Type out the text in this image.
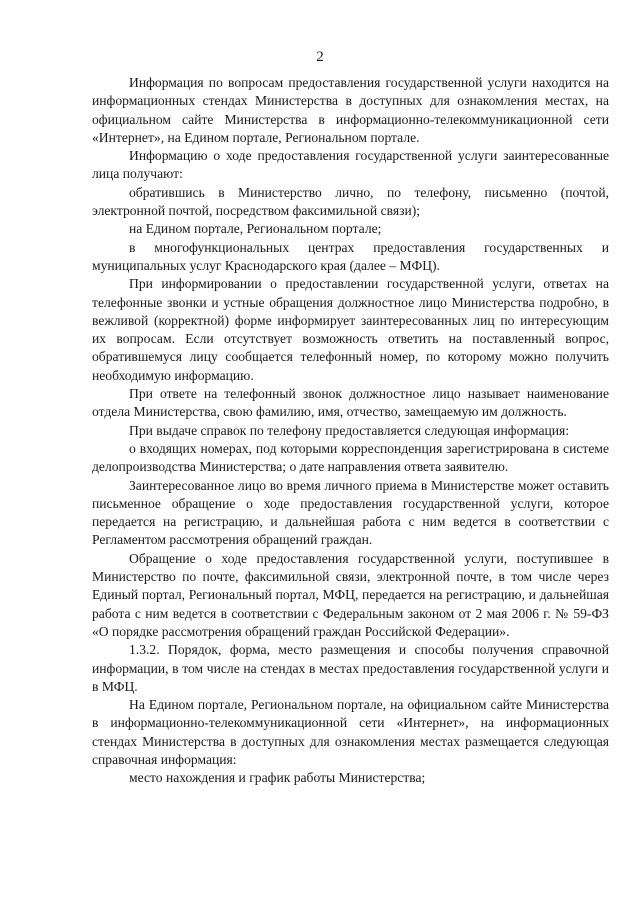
2

Информация по вопросам предоставления государственной услуги находится на информационных стендах Министерства в доступных для ознакомления местах, на официальном сайте Министерства в информационно-телекоммуникационной сети «Интернет», на Едином портале, Региональном портале.

Информацию о ходе предоставления государственной услуги заинтересованные лица получают:

обратившись в Министерство лично, по телефону, письменно (почтой, электронной почтой, посредством факсимильной связи);

на Едином портале, Региональном портале;

в многофункциональных центрах предоставления государственных и муниципальных услуг Краснодарского края (далее – МФЦ).

При информировании о предоставлении государственной услуги, ответах на телефонные звонки и устные обращения должностное лицо Министерства подробно, в вежливой (корректной) форме информирует заинтересованных лиц по интересующим их вопросам. Если отсутствует возможность ответить на поставленный вопрос, обратившемуся лицу сообщается телефонный номер, по которому можно получить необходимую информацию.

При ответе на телефонный звонок должностное лицо называет наименование отдела Министерства, свою фамилию, имя, отчество, замещаемую им должность.

При выдаче справок по телефону предоставляется следующая информация:

о входящих номерах, под которыми корреспонденция зарегистрирована в системе делопроизводства Министерства; о дате направления ответа заявителю.

Заинтересованное лицо во время личного приема в Министерстве может оставить письменное обращение о ходе предоставления государственной услуги, которое передается на регистрацию, и дальнейшая работа с ним ведется в соответствии с Регламентом рассмотрения обращений граждан.

Обращение о ходе предоставления государственной услуги, поступившее в Министерство по почте, факсимильной связи, электронной почте, в том числе через Единый портал, Региональный портал, МФЦ, передается на регистрацию, и дальнейшая работа с ним ведется в соответствии с Федеральным законом от 2 мая 2006 г. № 59-ФЗ «О порядке рассмотрения обращений граждан Российской Федерации».

1.3.2. Порядок, форма, место размещения и способы получения справочной информации, в том числе на стендах в местах предоставления государственной услуги и в МФЦ.

На Едином портале, Региональном портале, на официальном сайте Министерства в информационно-телекоммуникационной сети «Интернет», на информационных стендах Министерства в доступных для ознакомления местах размещается следующая справочная информация:

место нахождения и график работы Министерства;
